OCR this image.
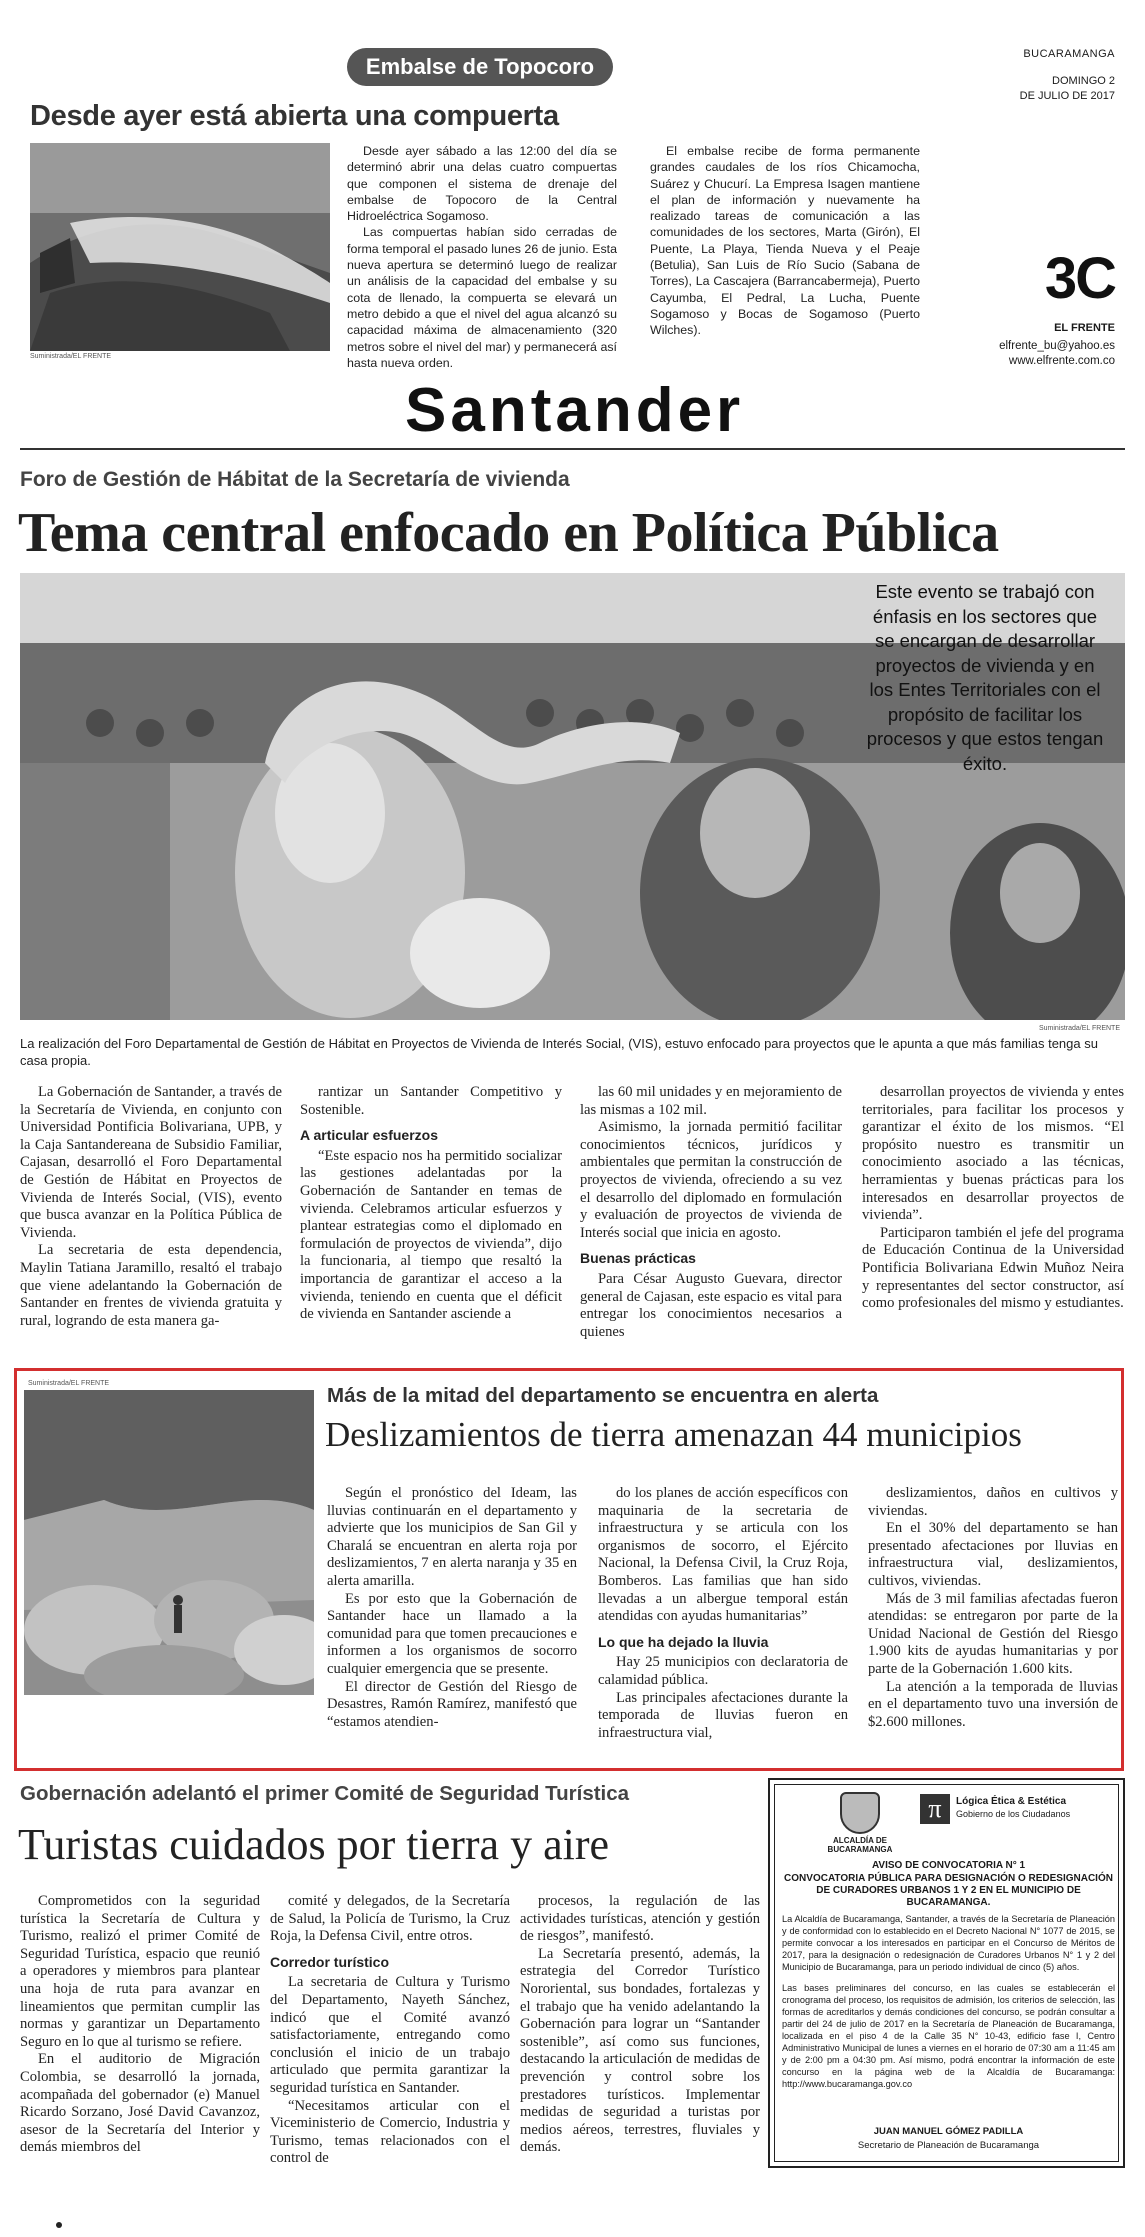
Embalse de Topocoro
Desde ayer está abierta una compuerta
Suministrada/EL FRENTE

Desde ayer sábado a las 12:00 del día se determinó abrir una delas cuatro compuertas que componen el sistema de drenaje del embalse de Topocoro de la Central Hidroeléctrica Sogamoso.

Las compuertas habían sido cerradas de forma temporal el pasado lunes 26 de junio. Esta nueva apertura se determinó luego de realizar un análisis de la capacidad del embalse y su cota de llenado, la compuerta se elevará un metro debido a que el nivel del agua alcanzó su capacidad máxima de almacenamiento (320 metros sobre el nivel del mar) y permanecerá así hasta nueva orden.

El embalse recibe de forma permanente grandes caudales de los ríos Chicamocha, Suárez y Chucurí. La Empresa Isagen mantiene el plan de información y nuevamente ha realizado tareas de comunicación a las comunidades de los sectores, Marta (Girón), El Puente, La Playa, Tienda Nueva y el Peaje (Betulia), San Luis de Río Sucio (Sabana de Torres), La Cascajera (Barrancabermeja), Puerto Cayumba, El Pedral, La Lucha, Puente Sogamoso y Bocas de Sogamoso (Puerto Wilches).

BUCARAMANGA
DOMINGO 2
DE JULIO DE 2017
3C
EL FRENTE
elfrente_bu@yahoo.es
www.elfrente.com.co
Santander
Foro de Gestión de Hábitat de la Secretaría de vivienda
Tema central enfocado en Política Pública
Este evento se trabajó con énfasis en los sectores que se encargan de desarrollar proyectos de vivienda y en los Entes Territoriales con el propósito de facilitar los procesos y que estos tengan éxito.
Suministrada/EL FRENTE
La realización del Foro Departamental de Gestión de Hábitat en Proyectos de Vivienda de Interés Social, (VIS), estuvo enfocado para proyectos que le apunta a que más familias tenga su casa propia.

La Gobernación de Santander, a través de la Secretaría de Vivienda, en conjunto con Universidad Pontificia Bolivariana, UPB, y la Caja Santandereana de Subsidio Familiar, Cajasan, desarrolló el Foro Departamental de Gestión de Hábitat en Proyectos de Vivienda de Interés Social, (VIS), evento que busca avanzar en la Política Pública de Vivienda.

La secretaria de esta dependencia, Maylin Tatiana Jaramillo, resaltó el trabajo que viene adelantando la Gobernación de Santander en frentes de vivienda gratuita y rural, logrando de esta manera ga-

rantizar un Santander Competitivo y Sostenible.

A articular esfuerzos

“Este espacio nos ha permitido socializar las gestiones adelantadas por la Gobernación de Santander en temas de vivienda. Celebramos articular esfuerzos y plantear estrategias como el diplomado en formulación de proyectos de vivienda”, dijo la funcionaria, al tiempo que resaltó la importancia de garantizar el acceso a la vivienda, teniendo en cuenta que el déficit de vivienda en Santander asciende a

las 60 mil unidades y en mejoramiento de las mismas a 102 mil.

Asimismo, la jornada permitió facilitar conocimientos técnicos, jurídicos y ambientales que permitan la construcción de proyectos de vivienda, ofreciendo a su vez el desarrollo del diplomado en formulación y evaluación de proyectos de vivienda de Interés social que inicia en agosto.

Buenas prácticas

Para César Augusto Guevara, director general de Cajasan, este espacio es vital para entregar los conocimientos necesarios a quienes

desarrollan proyectos de vivienda y entes territoriales, para facilitar los procesos y garantizar el éxito de los mismos. “El propósito nuestro es transmitir un conocimiento asociado a las técnicas, herramientas y buenas prácticas para los interesados en desarrollar proyectos de vivienda”.

Participaron también el jefe del programa de Educación Continua de la Universidad Pontificia Bolivariana Edwin Muñoz Neira y representantes del sector constructor, así como profesionales del mismo y estudiantes.

Suministrada/EL FRENTE
Más de la mitad del departamento se encuentra en alerta
Deslizamientos de tierra amenazan 44 municipios

Según el pronóstico del Ideam, las lluvias continuarán en el departamento y advierte que los municipios de San Gil y Charalá se encuentran en alerta roja por deslizamientos, 7 en alerta naranja y 35 en alerta amarilla.

Es por esto que la Gobernación de Santander hace un llamado a la comunidad para que tomen precauciones e informen a los organismos de socorro cualquier emergencia que se presente.

El director de Gestión del Riesgo de Desastres, Ramón Ramírez, manifestó que “estamos atendien-

do los planes de acción específicos con maquinaria de la secretaria de infraestructura y se articula con los organismos de socorro, el Ejército Nacional, la Defensa Civil, la Cruz Roja, Bomberos. Las familias que han sido llevadas a un albergue temporal están atendidas con ayudas humanitarias”

Lo que ha dejado la lluvia

Hay 25 municipios con declaratoria de calamidad pública.

Las principales afectaciones durante la temporada de lluvias fueron en infraestructura vial,

deslizamientos, daños en cultivos y viviendas.

En el 30% del departamento se han presentado afectaciones por lluvias en infraestructura vial, deslizamientos, cultivos, viviendas.

Más de 3 mil familias afectadas fueron atendidas: se entregaron por parte de la Unidad Nacional de Gestión del Riesgo 1.900 kits de ayudas humanitarias y por parte de la Gobernación 1.600 kits.

La atención a la temporada de lluvias en el departamento tuvo una inversión de $2.600 millones.

Gobernación adelantó el primer Comité de Seguridad Turística
Turistas cuidados por tierra y aire

Comprometidos con la seguridad turística la Secretaría de Cultura y Turismo, realizó el primer Comité de Seguridad Turística, espacio que reunió a operadores y miembros para plantear una hoja de ruta para avanzar en lineamientos que permitan cumplir las normas y garantizar un Departamento Seguro en lo que al turismo se refiere.

En el auditorio de Migración Colombia, se desarrolló la jornada, acompañada del gobernador (e) Manuel Ricardo Sorzano, José David Cavanzoz, asesor de la Secretaría del Interior y demás miembros del

comité y delegados, de la Secretaría de Salud, la Policía de Turismo, la Cruz Roja, la Defensa Civil, entre otros.

Corredor turístico

La secretaria de Cultura y Turismo del Departamento, Nayeth Sánchez, indicó que el Comité avanzó satisfactoriamente, entregando como conclusión el inicio de un trabajo articulado que permita garantizar la seguridad turística en Santander.

“Necesitamos articular con el Viceministerio de Comercio, Industria y Turismo, temas relacionados con el control de

procesos, la regulación de las actividades turísticas, atención y gestión de riesgos”, manifestó.

La Secretaría presentó, además, la estrategia del Corredor Turístico Nororiental, sus bondades, fortalezas y el trabajo que ha venido adelantando la Gobernación para lograr un “Santander sostenible”, así como sus funciones, destacando la articulación de medidas de prevención y control sobre los prestadores turísticos. Implementar medidas de seguridad a turistas por medios aéreos, terrestres, fluviales y demás.

ALCALDÍA DE BUCARAMANGA
π	Lógica Ética & Estética
Gobierno de los Ciudadanos
AVISO DE CONVOCATORIA N° 1
CONVOCATORIA PÚBLICA PARA DESIGNACIÓN O REDESIGNACIÓN DE CURADORES URBANOS 1 Y 2 EN EL MUNICIPIO DE BUCARAMANGA.
La Alcaldía de Bucaramanga, Santander, a través de la Secretaría de Planeación y de conformidad con lo establecido en el Decreto Nacional N° 1077 de 2015, se permite convocar a los interesados en participar en el Concurso de Méritos de 2017, para la designación o redesignación de Curadores Urbanos N° 1 y 2 del Municipio de Bucaramanga, para un periodo individual de cinco (5) años.
Las bases preliminares del concurso, en las cuales se establecerán el cronograma del proceso, los requisitos de admisión, los criterios de selección, las formas de acreditarlos y demás condiciones del concurso, se podrán consultar a partir del 24 de julio de 2017 en la Secretaría de Planeación de Bucaramanga, localizada en el piso 4 de la Calle 35 N° 10-43, edificio fase I, Centro Administrativo Municipal de lunes a viernes en el horario de 07:30 am a 11:45 am y de 2:00 pm a 04:30 pm. Así mismo, podrá encontrar la información de este concurso en la página web de la Alcaldía de Bucaramanga: http://www.bucaramanga.gov.co
JUAN MANUEL GÓMEZ PADILLA
Secretario de Planeación de Bucaramanga
